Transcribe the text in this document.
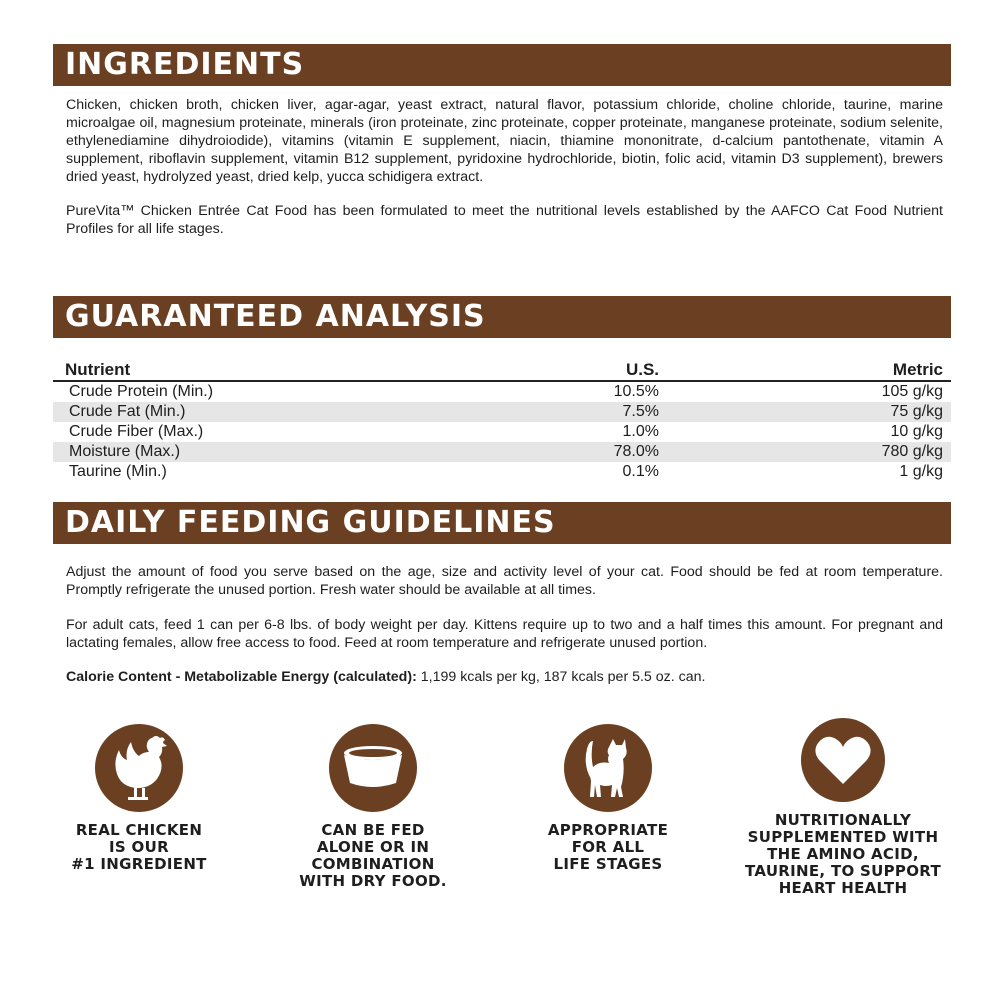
INGREDIENTS
Chicken, chicken broth, chicken liver, agar-agar, yeast extract, natural flavor, potassium chloride, choline chloride, taurine, marine microalgae oil, magnesium proteinate, minerals (iron proteinate, zinc proteinate, copper proteinate, manganese proteinate, sodium selenite, ethylenediamine dihydroiodide), vitamins (vitamin E supplement, niacin, thiamine mononitrate, d-calcium pantothenate, vitamin A supplement, riboflavin supplement, vitamin B12 supplement, pyridoxine hydrochloride, biotin, folic acid, vitamin D3 supplement), brewers dried yeast, hydrolyzed yeast, dried kelp, yucca schidigera extract.
PureVita™ Chicken Entrée Cat Food has been formulated to meet the nutritional levels established by the AAFCO Cat Food Nutrient Profiles for all life stages.
GUARANTEED ANALYSIS
Nutrient	U.S.	Metric
Crude Protein (Min.)	10.5%	105 g/kg
Crude Fat (Min.)	7.5%	75 g/kg
Crude Fiber (Max.)	1.0%	10 g/kg
Moisture (Max.)	78.0%	780 g/kg
Taurine (Min.)	0.1%	1 g/kg
DAILY FEEDING GUIDELINES
Adjust the amount of food you serve based on the age, size and activity level of your cat. Food should be fed at room temperature. Promptly refrigerate the unused portion. Fresh water should be available at all times.
For adult cats, feed 1 can per 6-8 lbs. of body weight per day. Kittens require up to two and a half times this amount. For pregnant and lactating females, allow free access to food. Feed at room temperature and refrigerate unused portion.
Calorie Content - Metabolizable Energy (calculated): 1,199 kcals per kg, 187 kcals per 5.5 oz. can.
REAL CHICKEN
IS OUR
#1 INGREDIENT
CAN BE FED
ALONE OR IN
COMBINATION
WITH DRY FOOD.
APPROPRIATE
FOR ALL
LIFE STAGES
NUTRITIONALLY
SUPPLEMENTED WITH
THE AMINO ACID,
TAURINE, TO SUPPORT
HEART HEALTH
